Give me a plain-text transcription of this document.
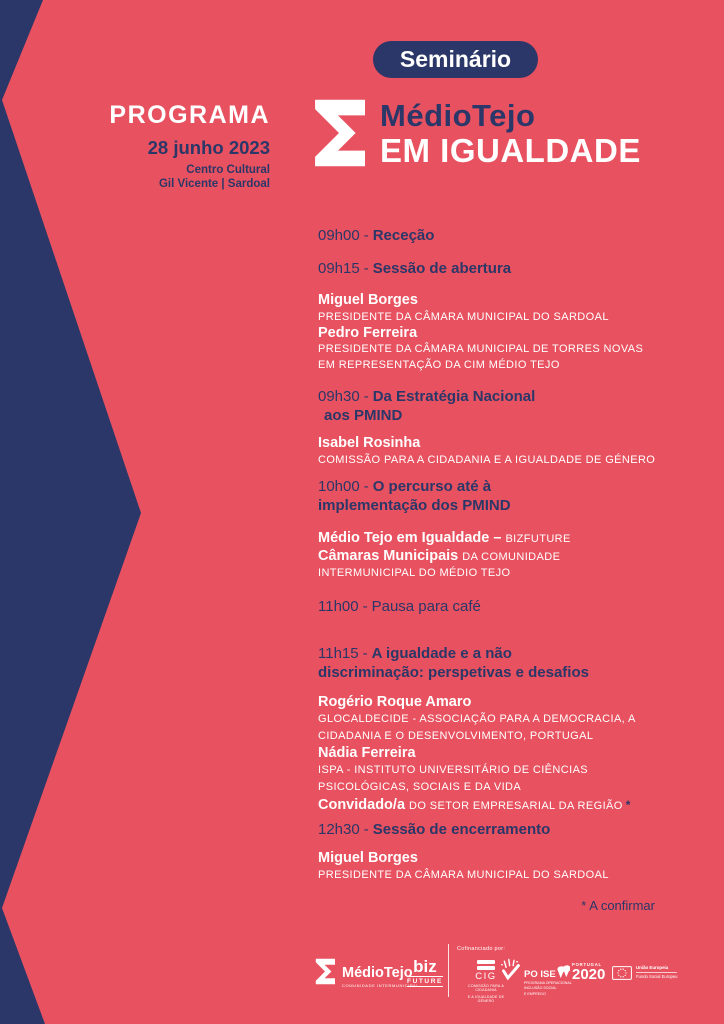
Seminário
PROGRAMA
28 junho 2023
Centro Cultural
Gil Vicente | Sardoal
MédioTejo
EM IGUALDADE
09h00 - Receção
09h15 - Sessão de abertura
Miguel Borges
PRESIDENTE DA CÂMARA MUNICIPAL DO SARDOAL
Pedro Ferreira
PRESIDENTE DA CÂMARA MUNICIPAL DE TORRES NOVAS
EM REPRESENTAÇÃO DA CIM MÉDIO TEJO
09h30 - Da Estratégia Nacional
aos PMIND
Isabel Rosinha
COMISSÃO PARA A CIDADANIA E A IGUALDADE DE GÉNERO
10h00 - O percurso até à
implementação dos PMIND
Médio Tejo em Igualdade – BIZFUTURE
Câmaras Municipais DA COMUNIDADE
INTERMUNICIPAL DO MÉDIO TEJO
11h00 - Pausa para café
11h15 - A igualdade e a não
discriminação: perspetivas e desafios
Rogério Roque Amaro
GLOCALDECIDE - ASSOCIAÇÃO PARA A DEMOCRACIA, A
CIDADANIA E O DESENVOLVIMENTO, PORTUGAL
Nádia Ferreira
ISPA - INSTITUTO UNIVERSITÁRIO DE CIÊNCIAS
PSICOLÓGICAS, SOCIAIS E DA VIDA
Convidado/a DO SETOR EMPRESARIAL DA REGIÃO *
12h30 - Sessão de encerramento
Miguel Borges
PRESIDENTE DA CÂMARA MUNICIPAL DO SARDOAL
* A confirmar
MédioTejo
COMUNIDADE INTERMUNICIPAL
biz
FUTURE
Cofinanciado por:
CIG
COMISSÃO PARA A CIDADANIA
E A IGUALDADE DE GÉNERO
PO ISE
PROGRAMA OPERACIONAL
INCLUSÃO SOCIAL
E EMPREGO
PORTUGAL
2020	União Europeia
Fundo Social Europeu
